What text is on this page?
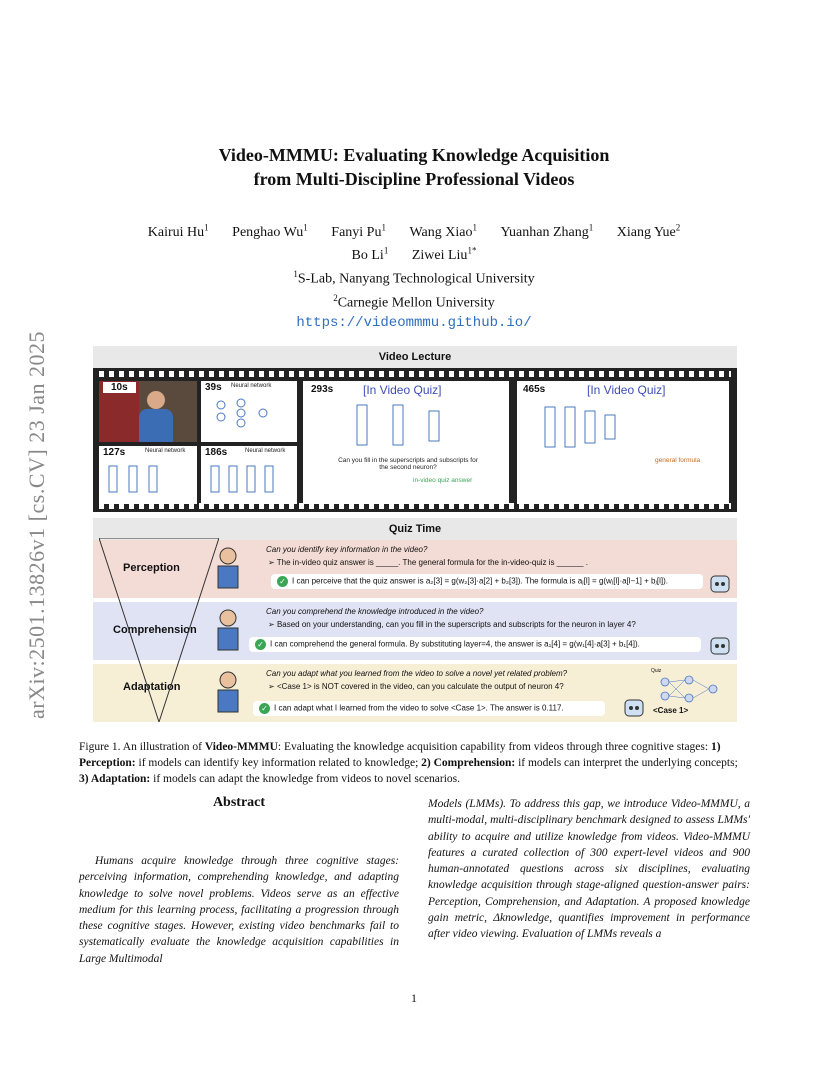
arXiv:2501.13826v1 [cs.CV] 23 Jan 2025
Video-MMMU: Evaluating Knowledge Acquisition
from Multi-Discipline Professional Videos
Kairui Hu$^1$ Penghao Wu$^1$ Fanyi Pu$^1$ Wang Xiao$^1$ Yuanhan Zhang$^1$ Xiang Yue$^2$
Bo Li$^1$ Ziwei Liu$^{1*}$
$^1$S-Lab, Nanyang Technological University
$^2$Carnegie Mellon University
https://videommmu.github.io/
Video Lecture
10s	39s Neural network
127s	Neural network 186s	Neural network
293s [In Video Quiz]
Can you fill in the superscripts and subscripts for the second neuron?
in-video quiz answer
465s	[In Video Quiz]
general formula
Quiz Time
Perception
Can you identify key information in the video?
➢ The in-video quiz answer is _____. The general formula for the in-video-quiz is ______ .
✓ I can perceive that the quiz answer is a₂[3] = g(w₂[3]·a[2] + b₂[3]). The formula is aⱼ[l] = g(wⱼ[l]·a[l−1] + bⱼ[l]).
Comprehension
Can you comprehend the knowledge introduced in the video?
➢ Based on your understanding, can you fill in the superscripts and subscripts for the neuron in layer 4?
✓ I can comprehend the general formula. By substituting layer=4, the answer is a₁[4] = g(w₁[4]·a[3] + b₁[4]).
Adaptation
Can you adapt what you learned from the video to solve a novel yet related problem?
➢ <Case 1> is NOT covered in the video, can you calculate the output of neuron 4?
✓ I can adapt what I learned from the video to solve <Case 1>. The answer is 0.117.
Quiz
<Case 1>
Figure 1. An illustration of Video-MMMU: Evaluating the knowledge acquisition capability from videos through three cognitive stages: 1) Perception: if models can identify key information related to knowledge; 2) Comprehension: if models can interpret the underlying concepts; 3) Adaptation: if models can adapt the knowledge from videos to novel scenarios.
Abstract
Humans acquire knowledge through three cognitive stages: perceiving information, comprehending knowledge, and adapting knowledge to solve novel problems. Videos serve as an effective medium for this learning process, facilitating a progression through these cognitive stages. However, existing video benchmarks fail to systematically evaluate the knowledge acquisition capabilities in Large Multimodal
Models (LMMs). To address this gap, we introduce Video-MMMU, a multi-modal, multi-disciplinary benchmark designed to assess LMMs' ability to acquire and utilize knowledge from videos. Video-MMMU features a curated collection of 300 expert-level videos and 900 human-annotated questions across six disciplines, evaluating knowledge acquisition through stage-aligned question-answer pairs: Perception, Comprehension, and Adaptation. A proposed knowledge gain metric, Δknowledge, quantifies improvement in performance after video viewing. Evaluation of LMMs reveals a
1
